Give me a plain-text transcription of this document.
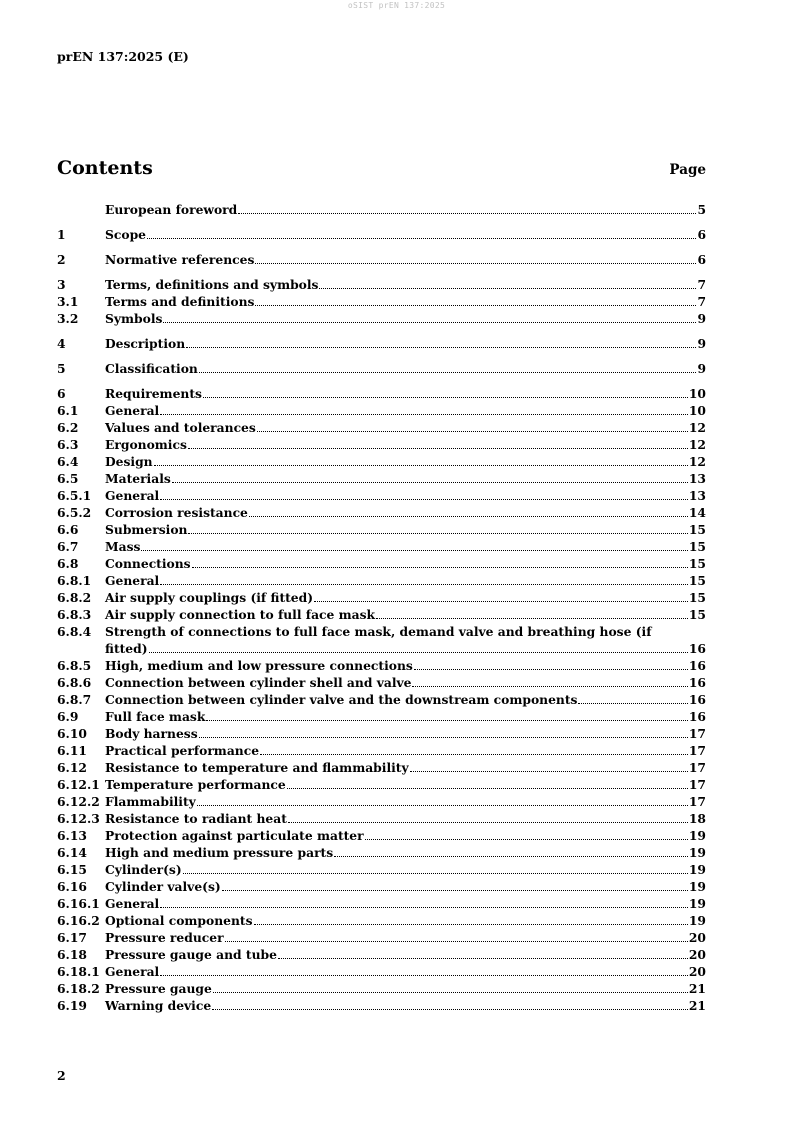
oSIST prEN 137:2025
prEN 137:2025 (E)
Contents	Page
European foreword	5
1	Scope	6
2	Normative references	6
3	Terms, definitions and symbols	7
3.1	Terms and definitions	7
3.2	Symbols	9
4	Description	9
5	Classification	9
6	Requirements	10
6.1	General	10
6.2	Values and tolerances	12
6.3	Ergonomics	12
6.4	Design	12
6.5	Materials	13
6.5.1	General	13
6.5.2	Corrosion resistance	14
6.6	Submersion	15
6.7	Mass	15
6.8	Connections	15
6.8.1	General	15
6.8.2	Air supply couplings (if fitted)	15
6.8.3	Air supply connection to full face mask	15
6.8.4	Strength of connections to full face mask, demand valve and breathing hose (if
fitted)	16
6.8.5	High, medium and low pressure connections	16
6.8.6	Connection between cylinder shell and valve	16
6.8.7	Connection between cylinder valve and the downstream components	16
6.9	Full face mask	16
6.10	Body harness	17
6.11	Practical performance	17
6.12	Resistance to temperature and flammability	17
6.12.1 Temperature performance	17
6.12.2 Flammability	17
6.12.3 Resistance to radiant heat	18
6.13	Protection against particulate matter	19
6.14	High and medium pressure parts	19
6.15	Cylinder(s)	19
6.16	Cylinder valve(s)	19
6.16.1 General	19
6.16.2 Optional components	19
6.17	Pressure reducer	20
6.18	Pressure gauge and tube	20
6.18.1 General	20
6.18.2 Pressure gauge	21
6.19	Warning device	21
2
